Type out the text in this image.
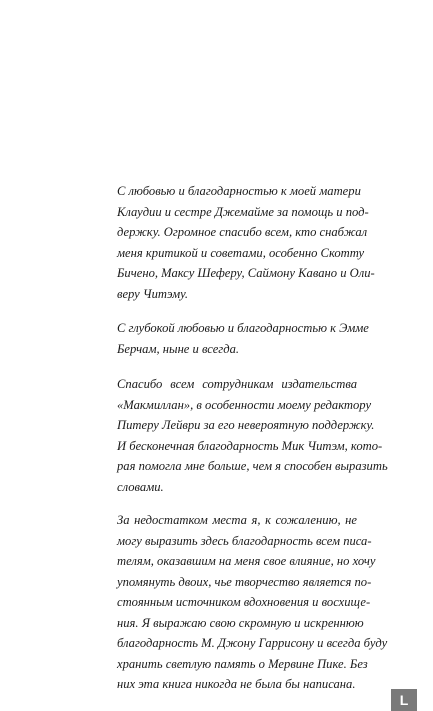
С любовью и благодарностью к моей матери
Клаудии и сестре Джемайме за помощь и под-
держку. Огромное спасибо всем, кто снабжал
меня критикой и советами, особенно Скотту
Бичено, Максу Шеферу, Саймону Кавано и Оли-
веру Читэму.
С глубокой любовью и благодарностью к Эмме
Берчам, ныне и всегда.
Спасибо всем сотрудникам издательства
«Макмиллан», в особенности моему редактору
Питеру Лейври за его невероятную поддержку.
И бесконечная благодарность Мик Читэм, кото-
рая помогла мне больше, чем я способен выразить
словами.
За недостатком места я, к сожалению, не
могу выразить здесь благодарность всем писа-
телям, оказавшим на меня свое влияние, но хочу
упомянуть двоих, чье творчество является по-
стоянным источником вдохновения и восхище-
ния. Я выражаю свою скромную и искреннюю
благодарность М. Джону Гаррисону и всегда буду
хранить светлую память о Мервине Пике. Без
них эта книга никогда не была бы написана.
L
